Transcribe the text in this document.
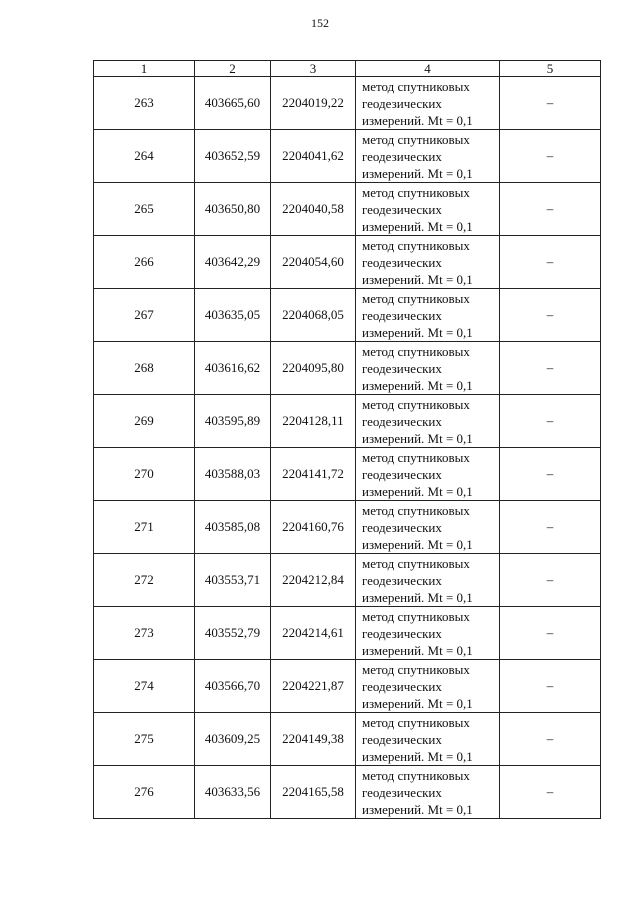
152
1	2	3	4	5
263	403665,60	2204019,22	метод спутниковых
геодезических
измерений. Mt = 0,1	–
264	403652,59	2204041,62	метод спутниковых
геодезических
измерений. Mt = 0,1	–
265	403650,80	2204040,58	метод спутниковых
геодезических
измерений. Mt = 0,1	–
266	403642,29	2204054,60	метод спутниковых
геодезических
измерений. Mt = 0,1	–
267	403635,05	2204068,05	метод спутниковых
геодезических
измерений. Mt = 0,1	–
268	403616,62	2204095,80	метод спутниковых
геодезических
измерений. Mt = 0,1	–
269	403595,89	2204128,11	метод спутниковых
геодезических
измерений. Mt = 0,1	–
270	403588,03	2204141,72	метод спутниковых
геодезических
измерений. Mt = 0,1	–
271	403585,08	2204160,76	метод спутниковых
геодезических
измерений. Mt = 0,1	–
272	403553,71	2204212,84	метод спутниковых
геодезических
измерений. Mt = 0,1	–
273	403552,79	2204214,61	метод спутниковых
геодезических
измерений. Mt = 0,1	–
274	403566,70	2204221,87	метод спутниковых
геодезических
измерений. Mt = 0,1	–
275	403609,25	2204149,38	метод спутниковых
геодезических
измерений. Mt = 0,1	–
276	403633,56	2204165,58	метод спутниковых
геодезических
измерений. Mt = 0,1	–
